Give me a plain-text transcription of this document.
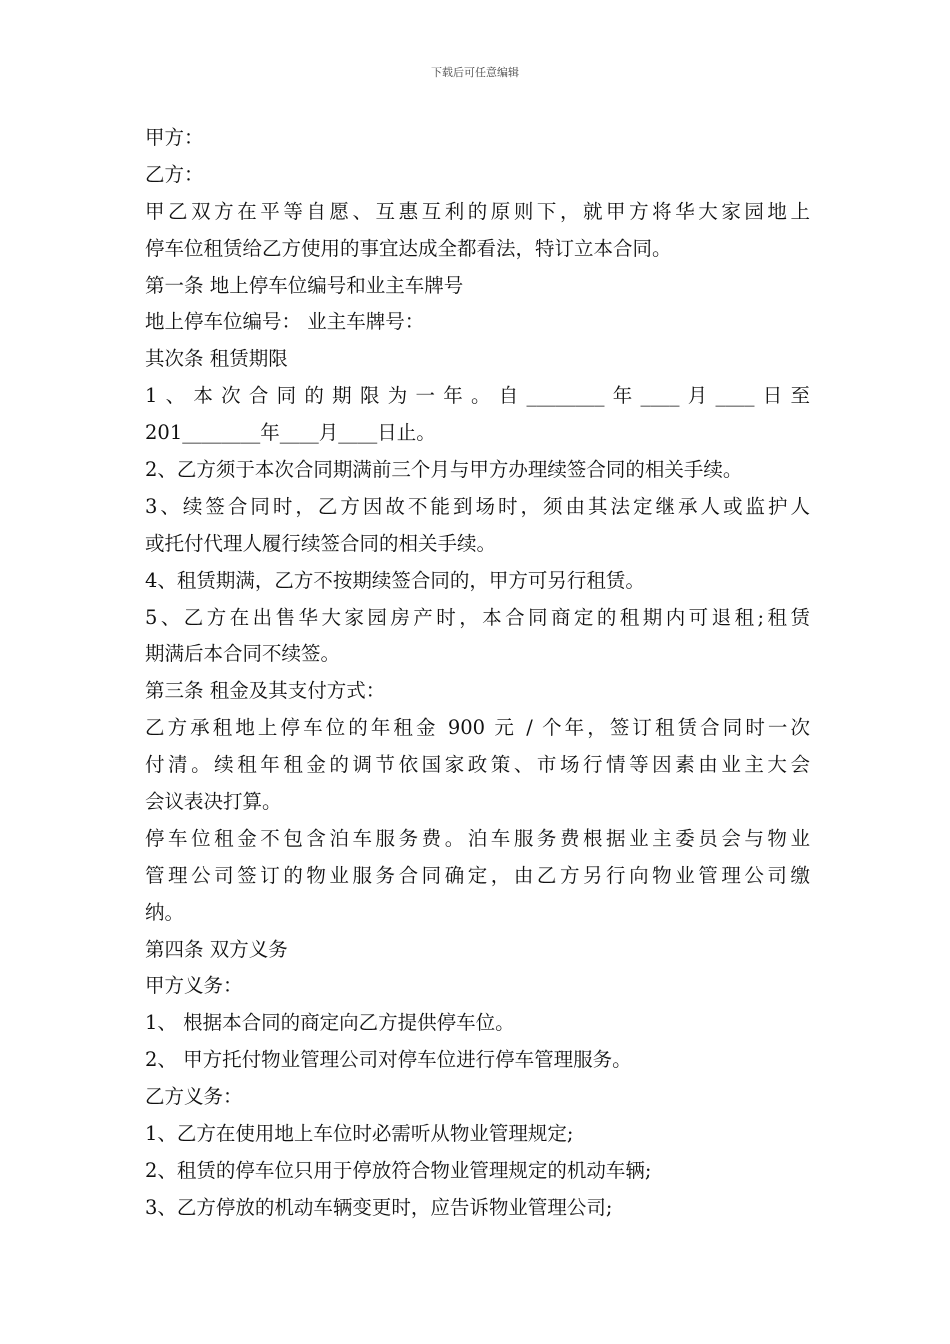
下载后可任意编辑
甲方：
乙方：
甲乙双方在平等自愿、互惠互利的原则下，就甲方将华大家园地上
停车位租赁给乙方使用的事宜达成全都看法，特订立本合同。
第一条 地上停车位编号和业主车牌号
地上停车位编号： 业主车牌号：
其次条 租赁期限
1、本次合同的期限为一年。自________年____月____日至
201________年____月____日止。
2、乙方须于本次合同期满前三个月与甲方办理续签合同的相关手续。
3、续签合同时，乙方因故不能到场时，须由其法定继承人或监护人
或托付代理人履行续签合同的相关手续。
4、租赁期满，乙方不按期续签合同的，甲方可另行租赁。
5、乙方在出售华大家园房产时，本合同商定的租期内可退租;租赁
期满后本合同不续签。
第三条 租金及其支付方式：
乙方承租地上停车位的年租金 900 元 / 个年，签订租赁合同时一次
付清。续租年租金的调节依国家政策、市场行情等因素由业主大会
会议表决打算。
停车位租金不包含泊车服务费。泊车服务费根据业主委员会与物业
管理公司签订的物业服务合同确定，由乙方另行向物业管理公司缴
纳。
第四条 双方义务
甲方义务：
1、 根据本合同的商定向乙方提供停车位。
2、 甲方托付物业管理公司对停车位进行停车管理服务。
乙方义务：
1、乙方在使用地上车位时必需听从物业管理规定;
2、租赁的停车位只用于停放符合物业管理规定的机动车辆;
3、乙方停放的机动车辆变更时，应告诉物业管理公司;
